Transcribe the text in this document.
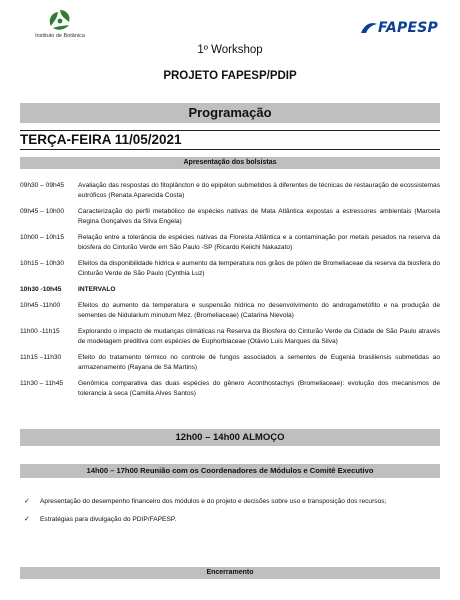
Instituto de Botânica	FAPESP
1º Workshop
PROJETO FAPESP/PDIP
Programação
TERÇA-FEIRA 11/05/2021
Apresentação dos bolsistas
09h30 – 09h45	Avaliação das respostas do fitoplâncton e do epipélon submetidos à diferentes de técnicas de restauração de ecossistemas eutróficos (Renata Aparecida Costa)
09h45 – 10h00	Caracterização do perfil metabólico de espécies nativas de Mata Atlântica expostas a estressores ambientais (Marcela Regina Gonçalves da Silva Engela)
10h00 – 10h15	Relação entre a tolerância de espécies nativas da Floresta Atlântica e a contaminação por metais pesados na reserva da biosfera do Cinturão Verde em São Paulo -SP (Ricardo Keiichi Nakazato)
10h15 – 10h30	Efeitos da disponibilidade hídrica e aumento da temperatura nos grãos de pólen de Bromeliaceae da reserva da biosfera do Cinturão Verde de São Paulo (Cynthia Luz)
10h30 -10h45	INTERVALO
10h45 -11h00	Efeitos do aumento da temperatura e suspensão hídrica no desenvolvimento do androgametófito e na produção de sementes de Nidularium minutum Mez. (Bromeliaceae) (Catarina Nievola)
11h00 -11h15	Explorando o impacto de mudanças climáticas na Reserva da Biosfera do Cinturão Verde da Cidade de São Paulo através de modelagem preditiva com espécies de Euphorbiaceae (Otávio Luis Marques da Silva)
11h15 –11h30	Efeito do tratamento térmico no controle de fungos associados a sementes de Eugenia brasiliensis submetidas ao armazenamento (Rayana de Sá Martins)
11h30 – 11h45	Genômica comparativa das duas espécies do gênero Aconthostachys (Bromeliaceae): evolução dos mecanismos de tolerancia à seca (Camilla Alves Santos)
12h00 – 14h00 ALMOÇO
14h00 – 17h00 Reunião com os Coordenadores de Módulos e Comitê Executivo
✓	Apresentação do desempenho financeiro dos módulos e do projeto e decisões sobre uso e transposição dos recursos;
✓	Estratégias para divulgação do PDIP/FAPESP.
Encerramento
